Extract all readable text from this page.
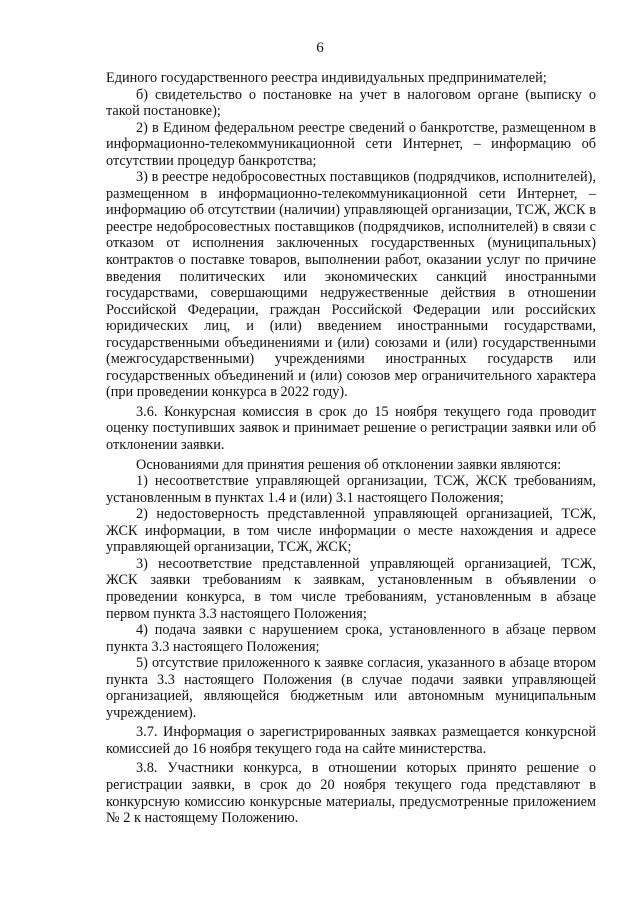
6

Единого государственного реестра индивидуальных предпринимателей;

б) свидетельство о постановке на учет в налоговом органе (выписку о такой постановке);

2) в Едином федеральном реестре сведений о банкротстве, размещенном в информационно-телекоммуникационной сети Интернет, – информацию об отсутствии процедур банкротства;

3) в реестре недобросовестных поставщиков (подрядчиков, исполнителей), размещенном в информационно-телекоммуникационной сети Интернет, – информацию об отсутствии (наличии) управляющей организации, ТСЖ, ЖСК в реестре недобросовестных поставщиков (подрядчиков, исполнителей) в связи с отказом от исполнения заключенных государственных (муниципальных) контрактов о поставке товаров, выполнении работ, оказании услуг по причине введения политических или экономических санкций иностранными государствами, совершающими недружественные действия в отношении Российской Федерации, граждан Российской Федерации или российских юридических лиц, и (или) введением иностранными государствами, государственными объединениями и (или) союзами и (или) государственными (межгосударственными) учреждениями иностранных государств или государственных объединений и (или) союзов мер ограничительного характера (при проведении конкурса в 2022 году).

3.6. Конкурсная комиссия в срок до 15 ноября текущего года проводит оценку поступивших заявок и принимает решение о регистрации заявки или об отклонении заявки.

Основаниями для принятия решения об отклонении заявки являются:

1) несоответствие управляющей организации, ТСЖ, ЖСК требованиям, установленным в пунктах 1.4 и (или) 3.1 настоящего Положения;

2) недостоверность представленной управляющей организацией, ТСЖ, ЖСК информации, в том числе информации о месте нахождения и адресе управляющей организации, ТСЖ, ЖСК;

3) несоответствие представленной управляющей организацией, ТСЖ, ЖСК заявки требованиям к заявкам, установленным в объявлении о проведении конкурса, в том числе требованиям, установленным в абзаце первом пункта 3.3 настоящего Положения;

4) подача заявки с нарушением срока, установленного в абзаце первом пункта 3.3 настоящего Положения;

5) отсутствие приложенного к заявке согласия, указанного в абзаце втором пункта 3.3 настоящего Положения (в случае подачи заявки управляющей организацией, являющейся бюджетным или автономным муниципальным учреждением).

3.7. Информация о зарегистрированных заявках размещается конкурсной комиссией до 16 ноября текущего года на сайте министерства.

3.8. Участники конкурса, в отношении которых принято решение о регистрации заявки, в срок до 20 ноября текущего года представляют в конкурсную комиссию конкурсные материалы, предусмотренные приложением № 2 к настоящему Положению.
